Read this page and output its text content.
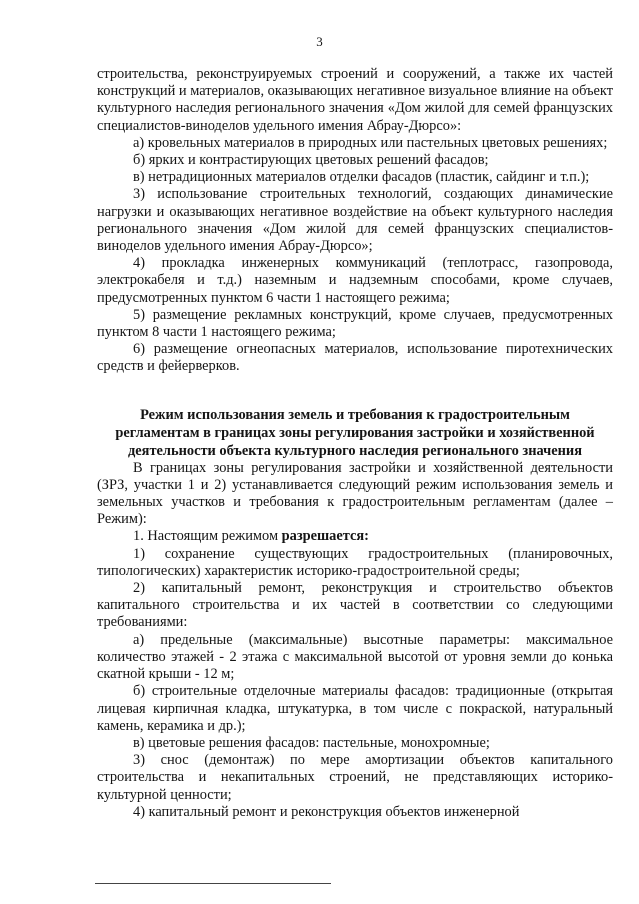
3

строительства, реконструируемых строений и сооружений, а также их частей конструкций и материалов, оказывающих негативное визуальное влияние на объект культурного наследия регионального значения «Дом жилой для семей французских специалистов-виноделов удельного имения Абрау-Дюрсо»:

а) кровельных материалов в природных или пастельных цветовых решениях;

б) ярких и контрастирующих цветовых решений фасадов;

в) нетрадиционных материалов отделки фасадов (пластик, сайдинг и т.п.);

3) использование строительных технологий, создающих динамические нагрузки и оказывающих негативное воздействие на объект культурного наследия регионального значения «Дом жилой для семей французских специалистов-виноделов удельного имения Абрау-Дюрсо»;

4) прокладка инженерных коммуникаций (теплотрасс, газопровода, электрокабеля и т.д.) наземным и надземным способами, кроме случаев, предусмотренных пунктом 6 части 1 настоящего режима;

5) размещение рекламных конструкций, кроме случаев, предусмотренных пунктом 8 части 1 настоящего режима;

6) размещение огнеопасных материалов, использование пиротехнических средств и фейерверков.

Режим использования земель и требования к градостроительным регламентам в границах зоны регулирования застройки и хозяйственной деятельности объекта культурного наследия регионального значения

В границах зоны регулирования застройки и хозяйственной деятельности (ЗРЗ, участки 1 и 2) устанавливается следующий режим использования земель и земельных участков и требования к градостроительным регламентам (далее – Режим):

1. Настоящим режимом разрешается:

1) сохранение существующих градостроительных (планировочных, типологических) характеристик историко-градостроительной среды;

2) капитальный ремонт, реконструкция и строительство объектов капитального строительства и их частей в соответствии со следующими требованиями:

а) предельные (максимальные) высотные параметры: максимальное количество этажей - 2 этажа с максимальной высотой от уровня земли до конька скатной крыши - 12 м;

б) строительные отделочные материалы фасадов: традиционные (открытая лицевая кирпичная кладка, штукатурка, в том числе с покраской, натуральный камень, керамика и др.);

в) цветовые решения фасадов: пастельные, монохромные;

3) снос (демонтаж) по мере амортизации объектов капитального строительства и некапитальных строений, не представляющих историко-культурной ценности;

4) капитальный ремонт и реконструкция объектов инженерной
